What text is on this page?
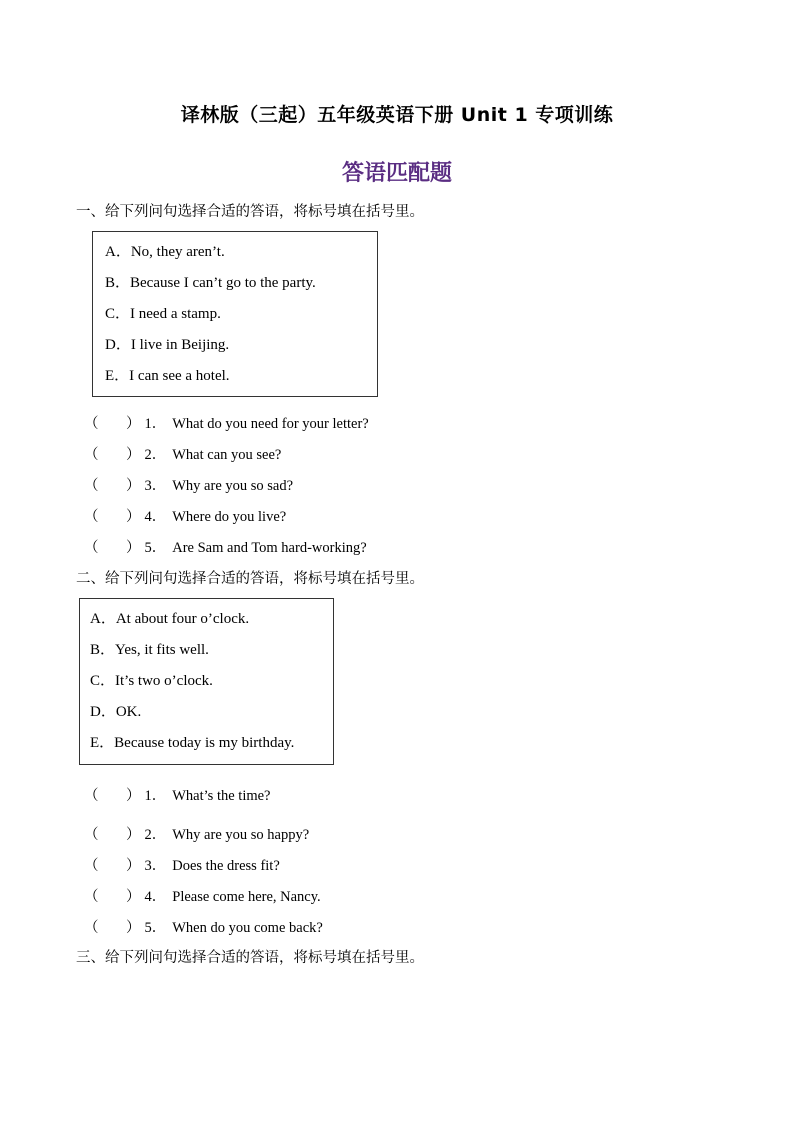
译林版（三起）五年级英语下册 Unit 1 专项训练
答语匹配题
一、给下列问句选择合适的答语，将标号填在括号里。
A．No, they aren’t.
B．Because I can’t go to the party.
C．I need a stamp.
D．I live in Beijing.
E．I can see a hotel.
（ ） 1． What do you need for your letter?
（ ） 2． What can you see?
（ ） 3． Why are you so sad?
（ ） 4． Where do you live?
（ ） 5． Are Sam and Tom hard-working?
二、给下列问句选择合适的答语，将标号填在括号里。
A．At about four o’clock.
B．Yes, it fits well.
C．It’s two o’clock.
D．OK.
E．Because today is my birthday.
（ ） 1． What’s the time?
（ ） 2． Why are you so happy?
（ ） 3． Does the dress fit?
（ ） 4． Please come here, Nancy.
（ ） 5． When do you come back?
三、给下列问句选择合适的答语，将标号填在括号里。
